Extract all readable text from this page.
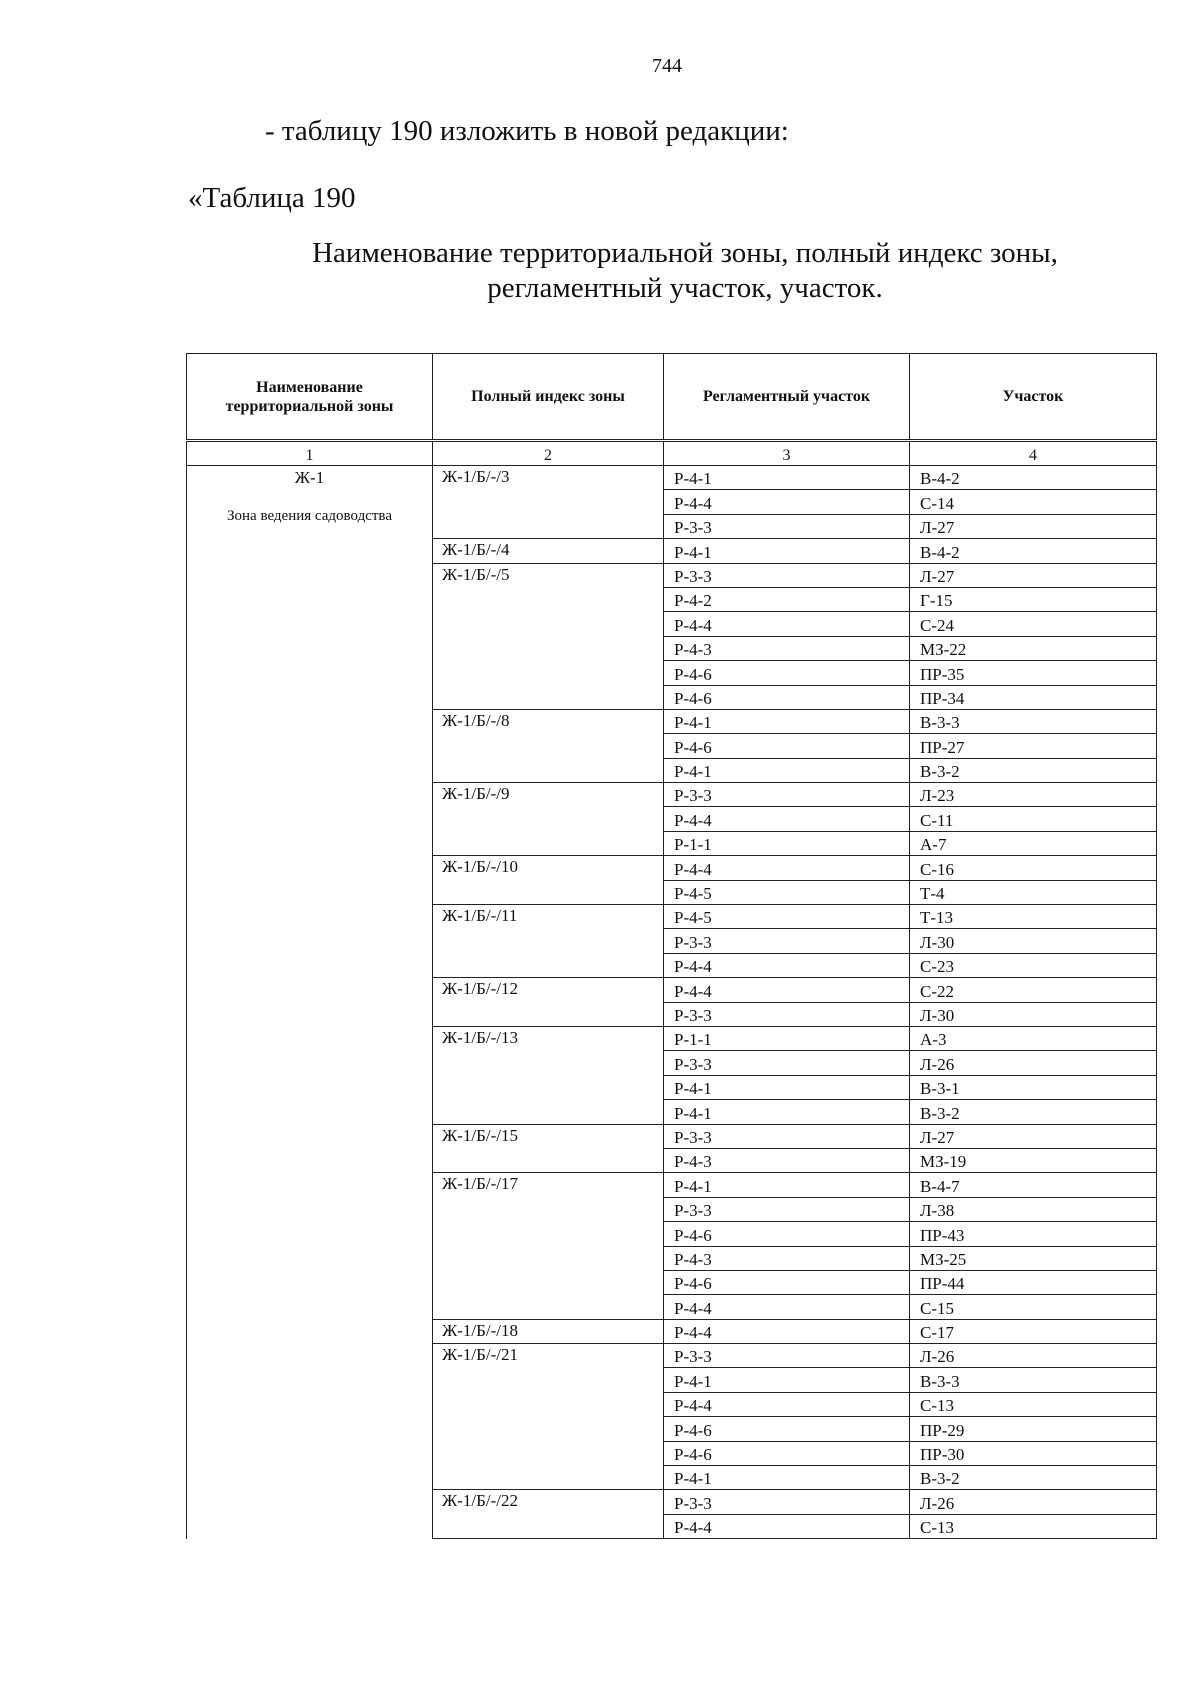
744
- таблицу 190 изложить в новой редакции:
«Таблица 190
Наименование территориальной зоны, полный индекс зоны,
регламентный участок, участок.
Наименование территориальной зоны	Полный индекс зоны	Регламентный участок	Участок
1	2	3	4

Ж-1
Зона ведения садоводства	Ж-1/Б/-/3	Р-4-1	В-4-2
		Р-4-4	С-14
		Р-3-3	Л-27
	Ж-1/Б/-/4	Р-4-1	В-4-2
	Ж-1/Б/-/5	Р-3-3	Л-27
		Р-4-2	Г-15
		Р-4-4	С-24
		Р-4-3	МЗ-22
		Р-4-6	ПР-35
		Р-4-6	ПР-34
	Ж-1/Б/-/8	Р-4-1	В-3-3
		Р-4-6	ПР-27
		Р-4-1	В-3-2
	Ж-1/Б/-/9	Р-3-3	Л-23
		Р-4-4	С-11
		Р-1-1	А-7
	Ж-1/Б/-/10	Р-4-4	С-16
		Р-4-5	Т-4
	Ж-1/Б/-/11	Р-4-5	Т-13
		Р-3-3	Л-30
		Р-4-4	С-23
	Ж-1/Б/-/12	Р-4-4	С-22
		Р-3-3	Л-30
	Ж-1/Б/-/13	Р-1-1	А-3
		Р-3-3	Л-26
		Р-4-1	В-3-1
		Р-4-1	В-3-2
	Ж-1/Б/-/15	Р-3-3	Л-27
		Р-4-3	МЗ-19
	Ж-1/Б/-/17	Р-4-1	В-4-7
		Р-3-3	Л-38
		Р-4-6	ПР-43
		Р-4-3	МЗ-25
		Р-4-6	ПР-44
		Р-4-4	С-15
	Ж-1/Б/-/18	Р-4-4	С-17
	Ж-1/Б/-/21	Р-3-3	Л-26
		Р-4-1	В-3-3
		Р-4-4	С-13
		Р-4-6	ПР-29
		Р-4-6	ПР-30
		Р-4-1	В-3-2
	Ж-1/Б/-/22	Р-3-3	Л-26
		Р-4-4	С-13
